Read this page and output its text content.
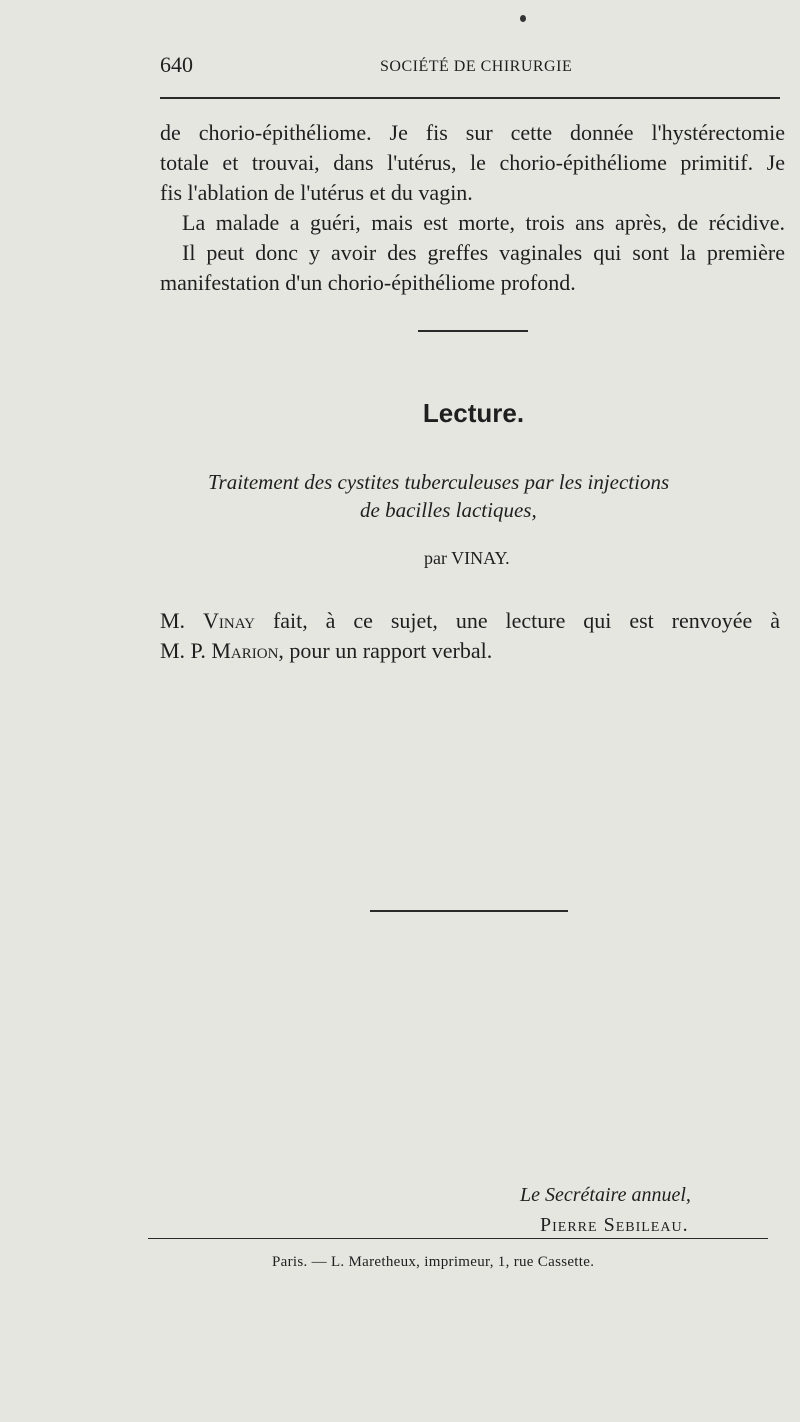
640	SOCIÉTÉ DE CHIRURGIE
de chorio-épithéliome. Je fis sur cette donnée l'hystérectomie
totale et trouvai, dans l'utérus, le chorio-épithéliome primitif. Je
fis l'ablation de l'utérus et du vagin.
La malade a guéri, mais est morte, trois ans après, de récidive.
Il peut donc y avoir des greffes vaginales qui sont la première
manifestation d'un chorio-épithéliome profond.
Lecture.
Traitement des cystites tuberculeuses par les injections
de bacilles lactiques,
par VINAY.
M. Vinay fait, à ce sujet, une lecture qui est renvoyée à
M. P. Marion, pour un rapport verbal.
Le Secrétaire annuel,
Pierre Sebileau.
Paris. — L. Maretheux, imprimeur, 1, rue Cassette.
